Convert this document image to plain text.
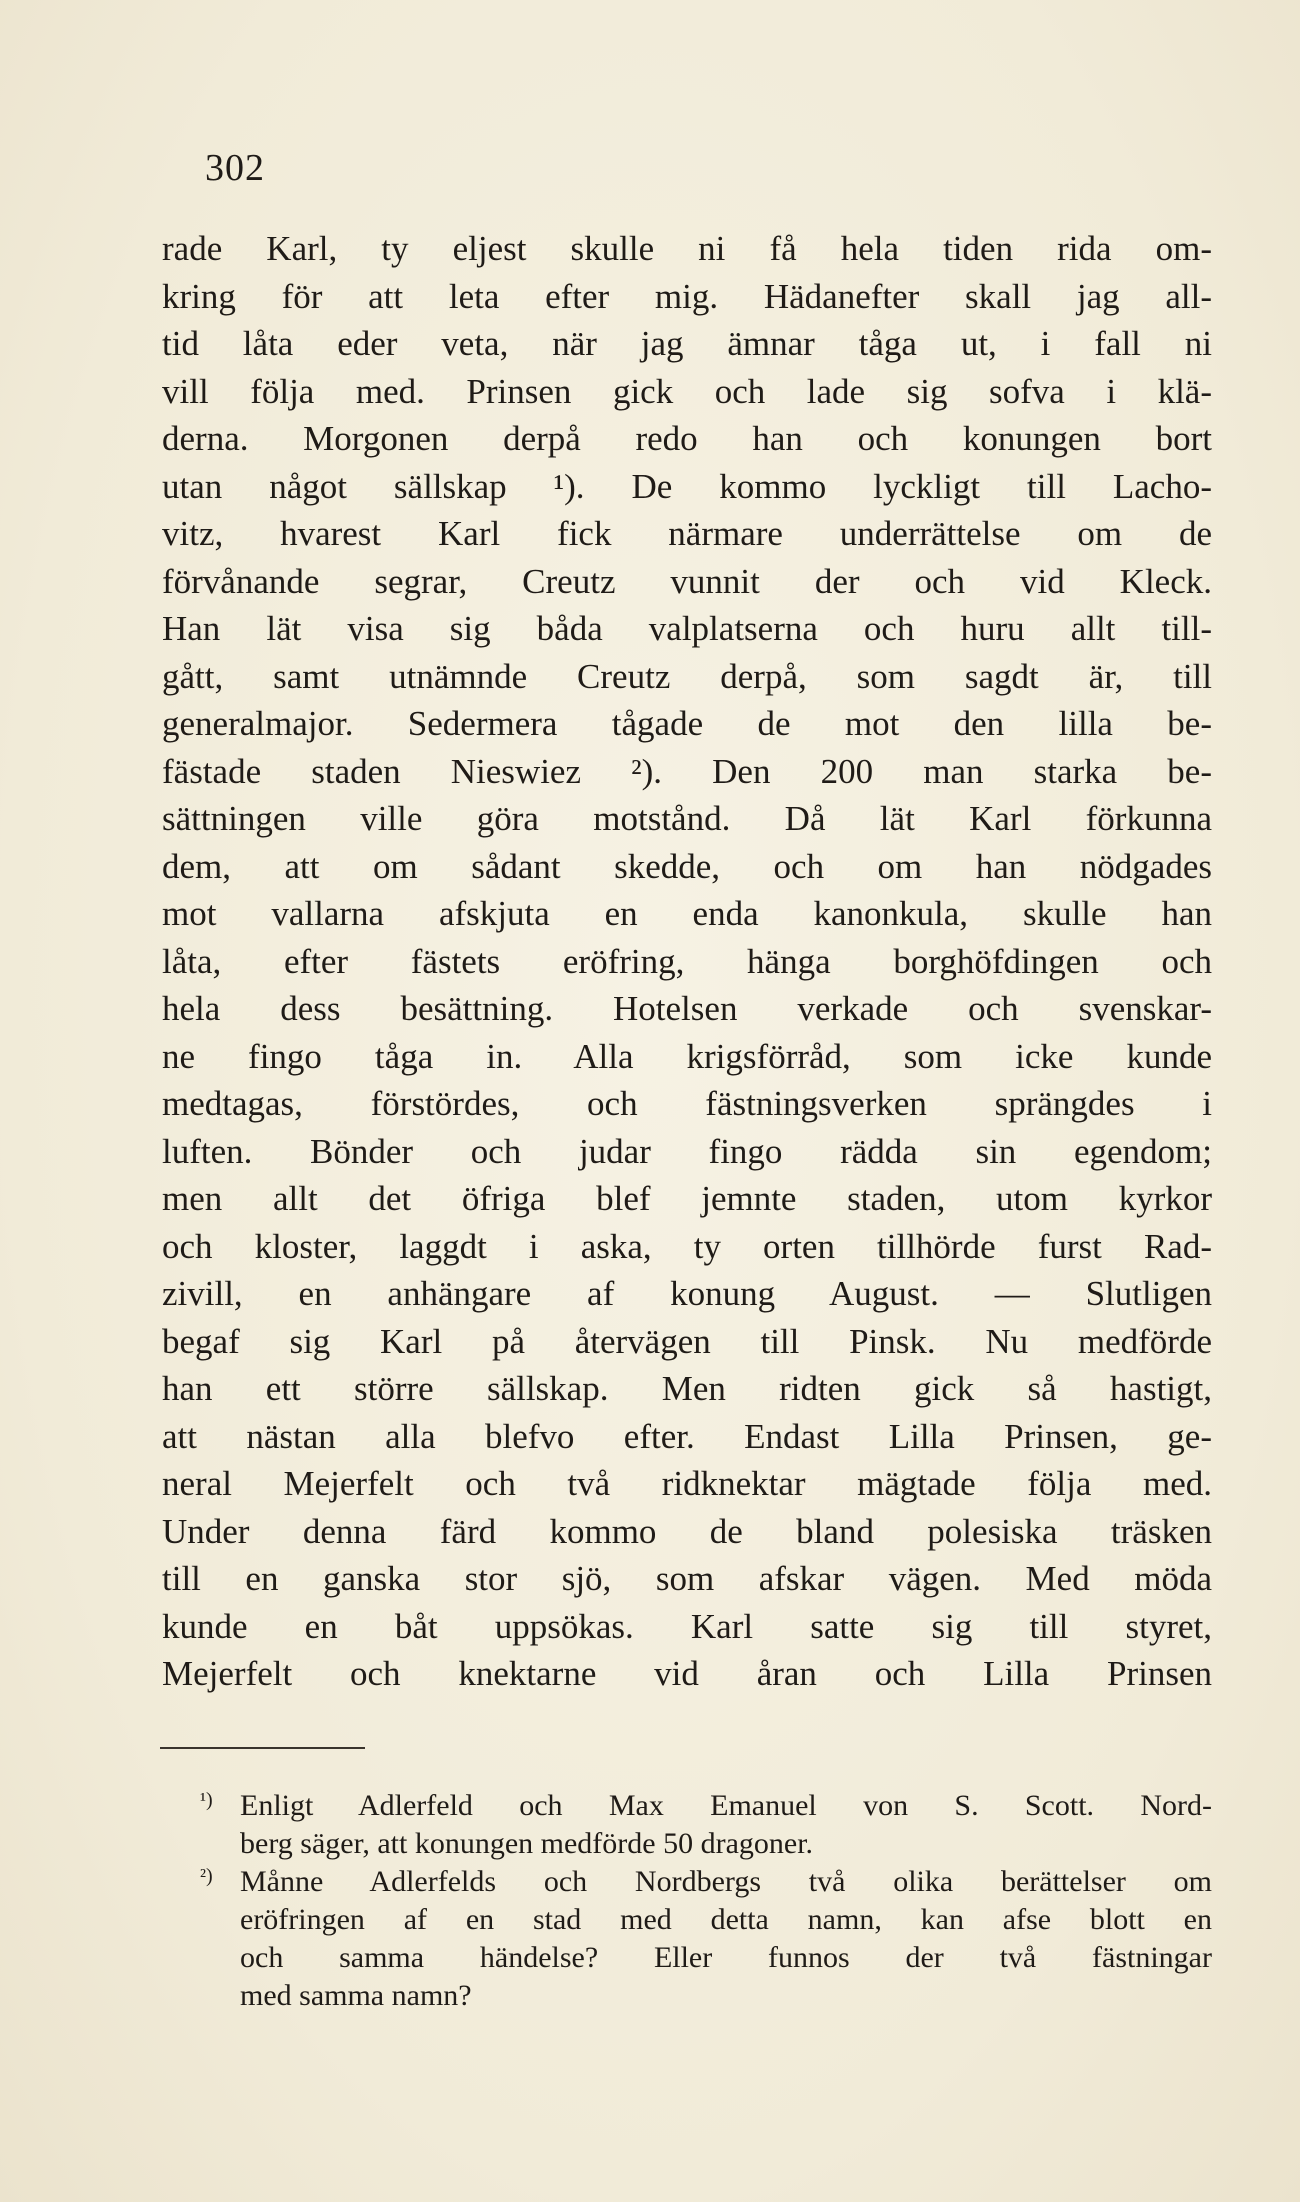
302
rade Karl, ty eljest skulle ni få hela tiden rida om-
kring för att leta efter mig. Hädanefter skall jag all-
tid låta eder veta, när jag ämnar tåga ut, i fall ni
vill följa med. Prinsen gick och lade sig sofva i klä-
derna. Morgonen derpå redo han och konungen bort
utan något sällskap ¹). De kommo lyckligt till Lacho-
vitz, hvarest Karl fick närmare underrättelse om de
förvånande segrar, Creutz vunnit der och vid Kleck.
Han lät visa sig båda valplatserna och huru allt till-
gått, samt utnämnde Creutz derpå, som sagdt är, till
generalmajor. Sedermera tågade de mot den lilla be-
fästade staden Nieswiez ²). Den 200 man starka be-
sättningen ville göra motstånd. Då lät Karl förkunna
dem, att om sådant skedde, och om han nödgades
mot vallarna afskjuta en enda kanonkula, skulle han
låta, efter fästets eröfring, hänga borghöfdingen och
hela dess besättning. Hotelsen verkade och svenskar-
ne fingo tåga in. Alla krigsförråd, som icke kunde
medtagas, förstördes, och fästningsverken sprängdes i
luften. Bönder och judar fingo rädda sin egendom;
men allt det öfriga blef jemnte staden, utom kyrkor
och kloster, laggdt i aska, ty orten tillhörde furst Rad-
zivill, en anhängare af konung August. — Slutligen
begaf sig Karl på återvägen till Pinsk. Nu medförde
han ett större sällskap. Men ridten gick så hastigt,
att nästan alla blefvo efter. Endast Lilla Prinsen, ge-
neral Mejerfelt och två ridknektar mägtade följa med.
Under denna färd kommo de bland polesiska träsken
till en ganska stor sjö, som afskar vägen. Med möda
kunde en båt uppsökas. Karl satte sig till styret,
Mejerfelt och knektarne vid åran och Lilla Prinsen
¹) Enligt Adlerfeld och Max Emanuel von S. Scott. Nord-
berg säger, att konungen medförde 50 dragoner.
²) Månne Adlerfelds och Nordbergs två olika berättelser om
eröfringen af en stad med detta namn, kan afse blott en
och samma händelse? Eller funnos der två fästningar
med samma namn?
